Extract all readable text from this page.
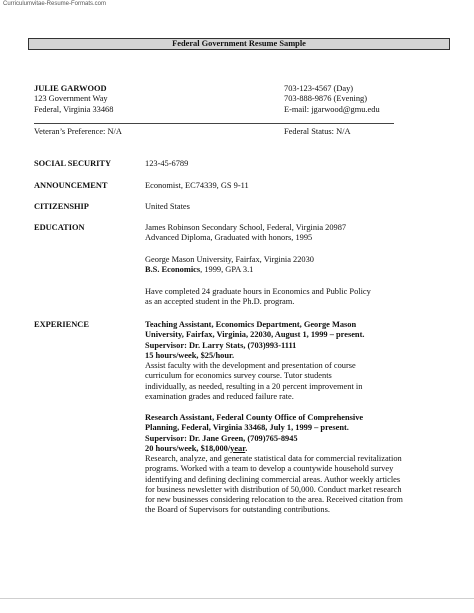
Curriculumvitae-Resume-Formats.com
Federal Government Resume Sample
JULIE GARWOOD
123 Government Way
Federal, Virginia 33468
703-123-4567 (Day)
703-888-9876 (Evening)
E-mail: jgarwood@gmu.edu
Veteran’s Preference: N/A	Federal Status: N/A
SOCIAL SECURITY	123-45-6789
ANNOUNCEMENT	Economist, EC74339, GS 9-11
CITIZENSHIP	United States
EDUCATION	James Robinson Secondary School, Federal, Virginia 20987
Advanced Diploma, Graduated with honors, 1995
George Mason University, Fairfax, Virginia 22030
B.S. Economics, 1999, GPA 3.1
Have completed 24 graduate hours in Economics and Public Policy
as an accepted student in the Ph.D. program.
EXPERIENCE	Teaching Assistant, Economics Department, George Mason
University, Fairfax, Virginia, 22030, August 1, 1999 – present.
Supervisor: Dr. Larry Stats, (703)993-1111
15 hours/week, $25/hour.
Assist faculty with the development and presentation of course
curriculum for economics survey course. Tutor students
individually, as needed, resulting in a 20 percent improvement in
examination grades and reduced failure rate.
Research Assistant, Federal County Office of Comprehensive
Planning, Federal, Virginia 33468, July 1, 1999 – present.
Supervisor: Dr. Jane Green, (709)765-8945
20 hours/week, $18,000/year.
Research, analyze, and generate statistical data for commercial revitalization
programs. Worked with a team to develop a countywide household survey
identifying and defining declining commercial areas. Author weekly articles
for business newsletter with distribution of 50,000. Conduct market research
for new businesses considering relocation to the area. Received citation from
the Board of Supervisors for outstanding contributions.
